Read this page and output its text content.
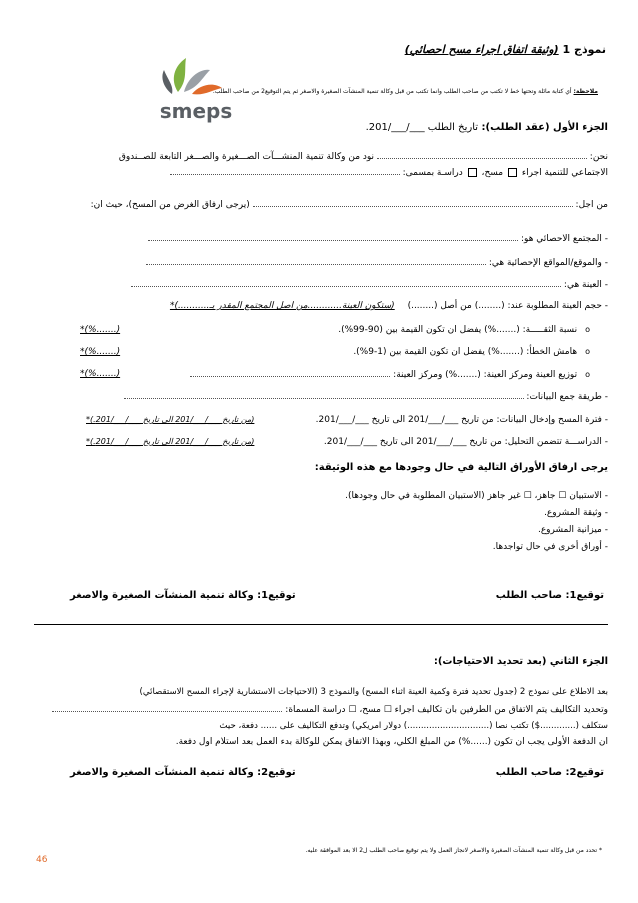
نموذج 1 (وثيقة اتفاق اجراء مسح احصائي)
ملاحظة: أي كتابة مائلة وتحتها خط لا تكتب من صاحب الطلب وانما تكتب من قبل وكالة تنمية المنشآت الصغيرة والاصغر ثم يتم التوقيع2 من صاحب الطلب.
smeps
الجزء الأول (عقد الطلب): تاريخ الطلب ___/___/201.
نحن:  نود من وكالة تنمية المنشـــآت الصـــغيرة والصـــغر التابعة للصــندوق
الاجتماعي للتنمية اجراء  مسح،  دراسـة بمسمى:
من اجل:  (يرجى ارفاق الغرض من المسح)، حيث ان:
- المجتمع الاحصائي هو:
- والموقع/المواقع الإحصائية هي:
- العينة هي:
- حجم العينة المطلوبة عند: (........) من أصل (........) (ستكون العينة............من اصل المجتمع المقدر بـ...........)*
oنسبة الثقـــــة: (.......%) يفضل ان تكون القيمة بين (90-99%).
(.......%)*
oهامش الخطأ: (.......%) يفضل ان تكون القيمة بين (1-9%).
(.......%)*
oتوزيع العينة ومركز العينة: (.......%) ومركز العينة:
(.......%)*
- طريقة جمع البيانات:
- فترة المسح وإدخال البيانات: من تاريخ ___/___/201 الى تاريخ ___/___/201.
(من تاريخ ___/___/201 الى تاريخ ___/___/201.)*
- الدراســـة تتضمن التحليل: من تاريخ ___/___/201 الى تاريخ ___/___/201.
(من تاريخ ___/___/201 الى تاريخ ___/___/201.)*
يرجى ارفاق الأوراق التالية في حال وجودها مع هذه الوثيقة:
- الاستبيان ☐ جاهز، ☐ غير جاهز (الاستبيان المطلوبة في حال وجودها).
- وثيقة المشروع.
- ميزانية المشروع.
- أوراق أخرى في حال تواجدها.
توقيع1: صاحب الطلب
توقيع1: وكالة تنمية المنشآت الصغيرة والاصغر
الجزء الثاني (بعد تحديد الاحتياجات):
بعد الاطلاع على نموذج 2 (جدول تحديد فترة وكمية العينة اثناء المسح) والنموذج 3 (الاحتياجات الاستشارية لإجراء المسح الاستقصائي)
وتحديد التكاليف يتم الاتفاق من الطرفين بان تكاليف اجراء ☐ مسح، ☐ دراسة المسماة:
ستكلف (.............$) تكتب نصا (..............................) دولار امريكي) وتدفع التكاليف على ...... دفعة، حيث
ان الدفعة الأولى يجب ان تكون (......%) من المبلغ الكلي، وبهذا الاتفاق يمكن للوكالة بدء العمل بعد استلام اول دفعة.
توقيع2: صاحب الطلب
توقيع2: وكالة تنمية المنشآت الصغيرة والاصغر
* تحدد من قبل وكالة تنمية المنشآت الصغيرة والاصغر لانجاز العمل ولا يتم توقيع صاحب الطلب ل2 الا بعد الموافقة عليه.
46
